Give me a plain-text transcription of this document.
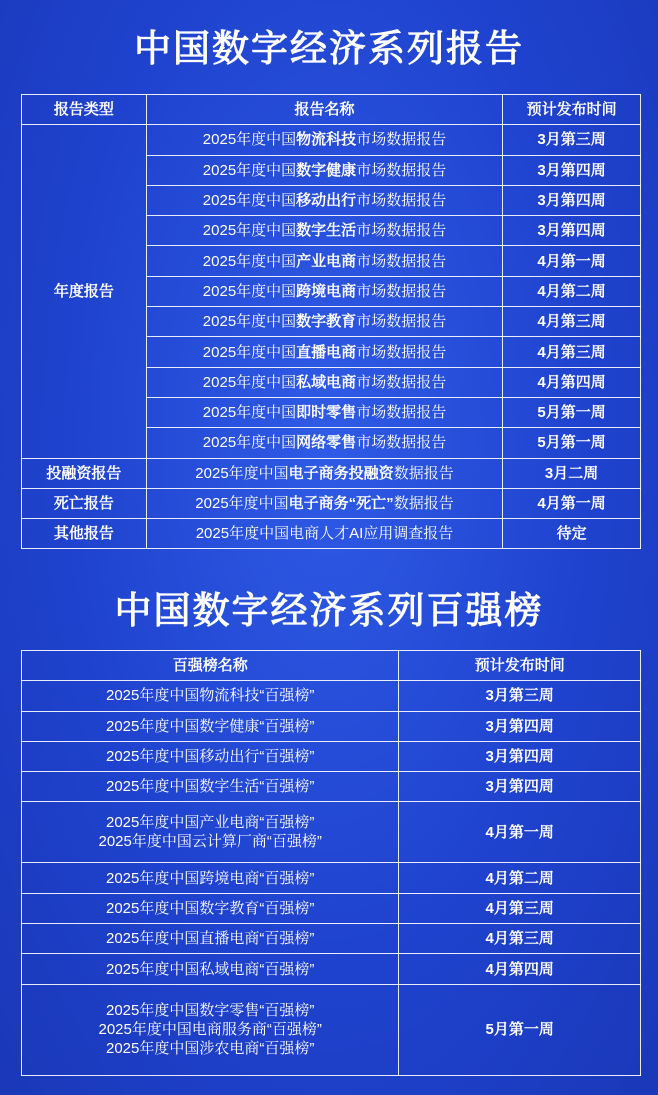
中国数字经济系列报告
报告类型	报告名称	预计发布时间
年度报告	2025年度中国物流科技市场数据报告	3月第三周
	2025年度中国数字健康市场数据报告	3月第四周
	2025年度中国移动出行市场数据报告	3月第四周
	2025年度中国数字生活市场数据报告	3月第四周
	2025年度中国产业电商市场数据报告	4月第一周
	2025年度中国跨境电商市场数据报告	4月第二周
	2025年度中国数字教育市场数据报告	4月第三周
	2025年度中国直播电商市场数据报告	4月第三周
	2025年度中国私域电商市场数据报告	4月第四周
	2025年度中国即时零售市场数据报告	5月第一周
	2025年度中国网络零售市场数据报告	5月第一周
投融资报告	2025年度中国电子商务投融资数据报告	3月二周
死亡报告	2025年度中国电子商务“死亡”数据报告	4月第一周
其他报告	2025年度中国电商人才AI应用调查报告	待定
中国数字经济系列百强榜
百强榜名称	预计发布时间

2025年度中国物流科技“百强榜”	3月第三周

2025年度中国数字健康“百强榜”	3月第四周

2025年度中国移动出行“百强榜”	3月第四周

2025年度中国数字生活“百强榜”	3月第四周

2025年度中国产业电商“百强榜”
2025年度中国云计算厂商“百强榜”	4月第一周

2025年度中国跨境电商“百强榜”	4月第二周

2025年度中国数字教育“百强榜”	4月第三周

2025年度中国直播电商“百强榜”	4月第三周

2025年度中国私域电商“百强榜”	4月第四周

2025年度中国数字零售“百强榜”
2025年度中国电商服务商“百强榜”
2025年度中国涉农电商“百强榜”	5月第一周
